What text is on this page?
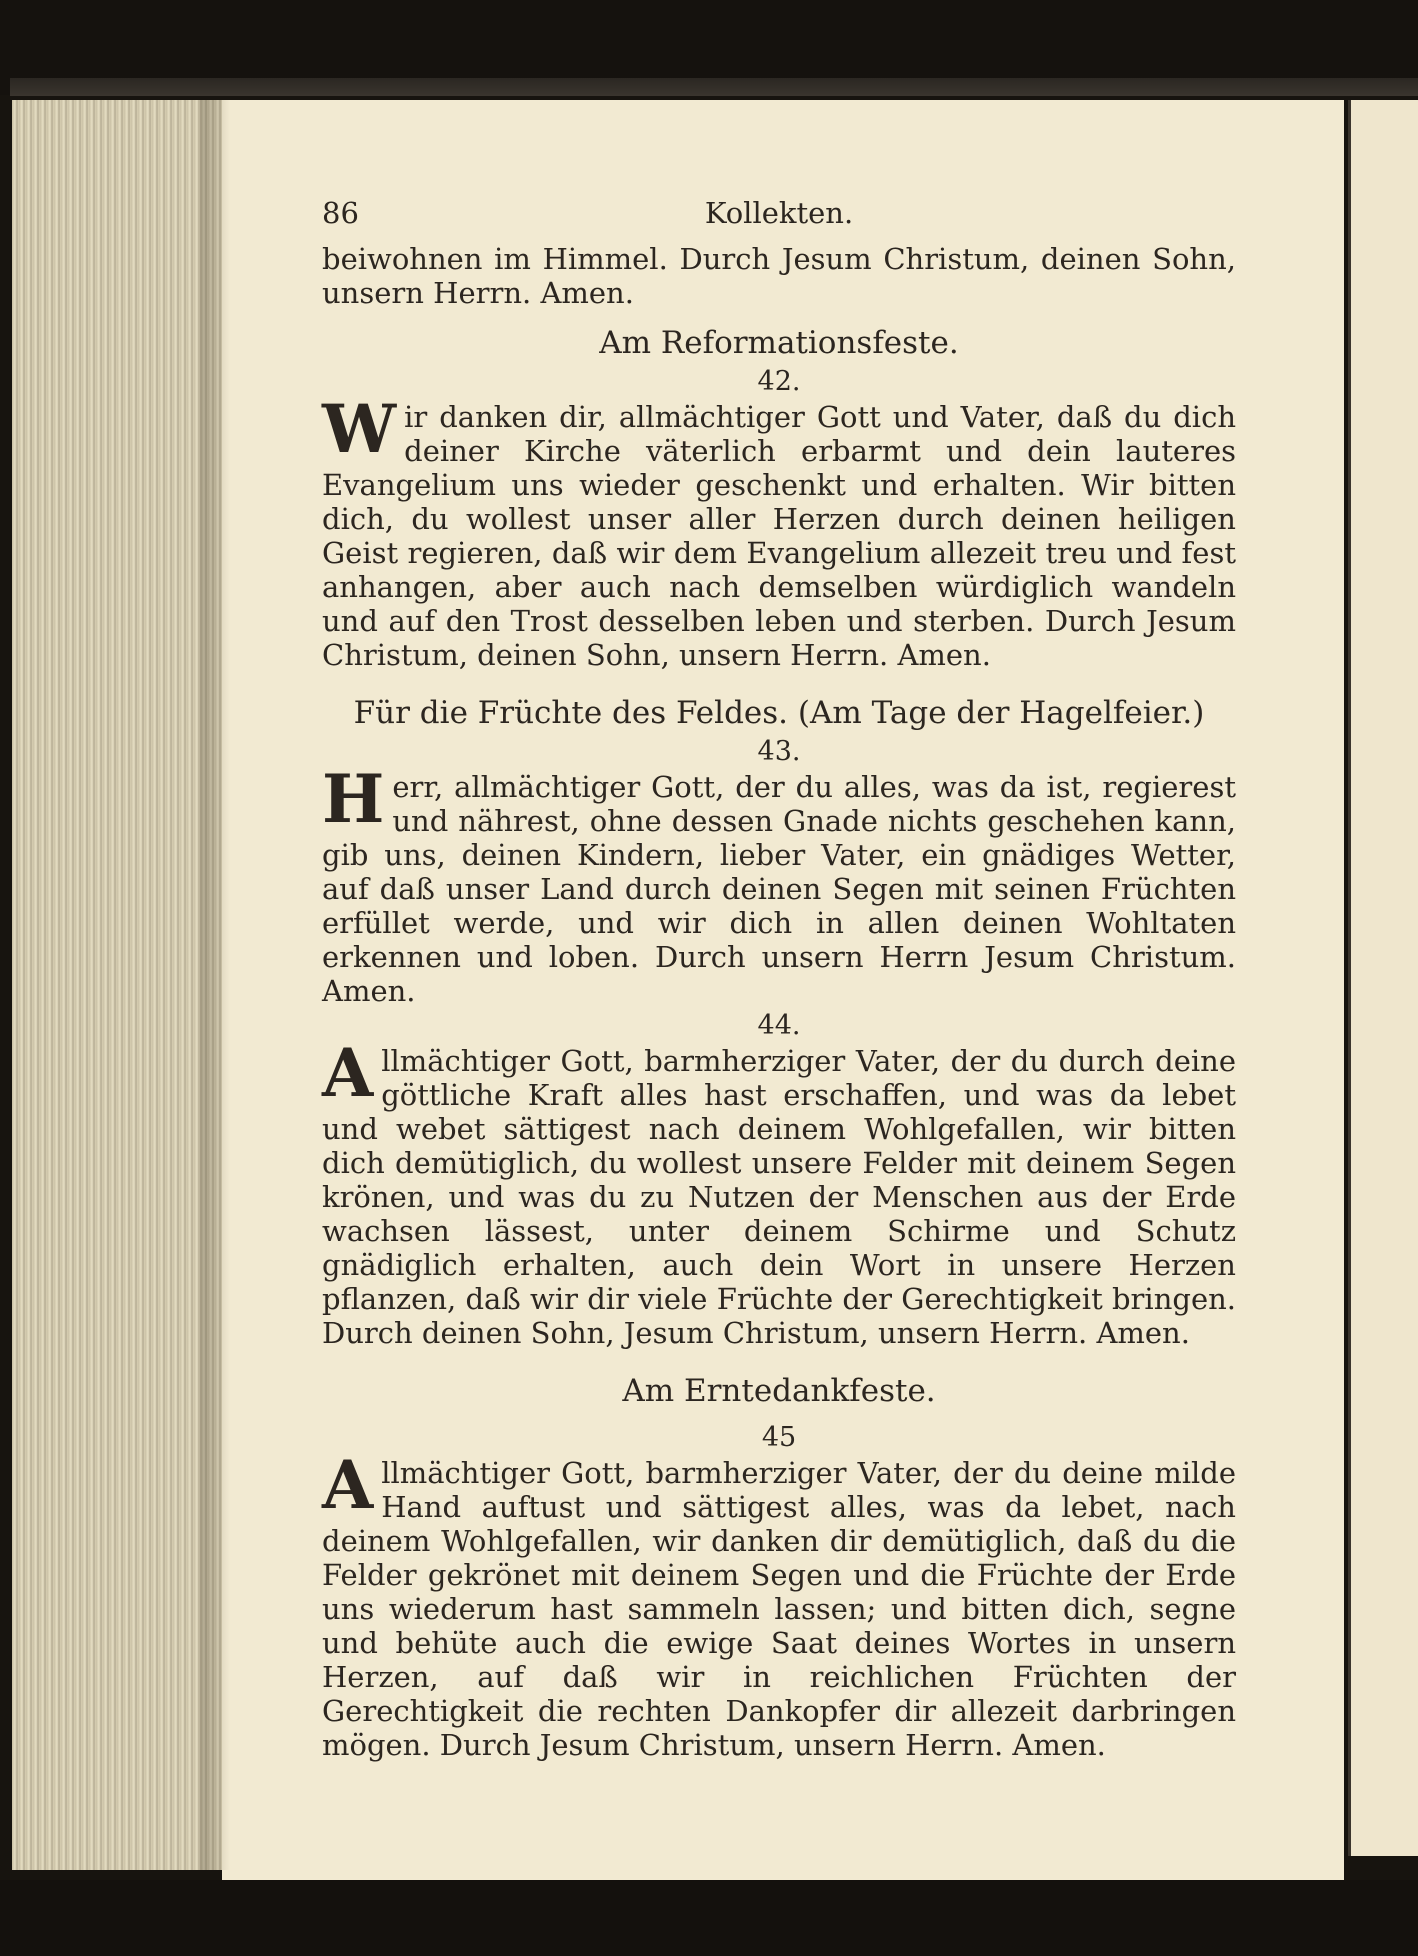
Kollekten.
86

beiwohnen im Himmel. Durch Jesum Christum, deinen Sohn, unsern Herrn. Amen.

Am Reformationsfeste.

42.

Wir danken dir, allmächtiger Gott und Vater, daß du dich deiner Kirche väterlich erbarmt und dein lauteres Evangelium uns wieder geschenkt und erhalten. Wir bitten dich, du wollest unser aller Herzen durch deinen heiligen Geist regieren, daß wir dem Evangelium allezeit treu und fest anhangen, aber auch nach demselben würdiglich wandeln und auf den Trost desselben leben und sterben. Durch Jesum Christum, deinen Sohn, unsern Herrn. Amen.

Für die Früchte des Feldes. (Am Tage der Hagelfeier.)

43.

Herr, allmächtiger Gott, der du alles, was da ist, regierest und nährest, ohne dessen Gnade nichts geschehen kann, gib uns, deinen Kindern, lieber Vater, ein gnädiges Wetter, auf daß unser Land durch deinen Segen mit seinen Früchten erfüllet werde, und wir dich in allen deinen Wohltaten erkennen und loben. Durch unsern Herrn Jesum Christum. Amen.

44.

Allmächtiger Gott, barmherziger Vater, der du durch deine göttliche Kraft alles hast erschaffen, und was da lebet und webet sättigest nach deinem Wohlgefallen, wir bitten dich demütiglich, du wollest unsere Felder mit deinem Segen krönen, und was du zu Nutzen der Menschen aus der Erde wachsen lässest, unter deinem Schirme und Schutz gnädiglich erhalten, auch dein Wort in unsere Herzen pflanzen, daß wir dir viele Früchte der Gerechtigkeit bringen. Durch deinen Sohn, Jesum Christum, unsern Herrn. Amen.

Am Erntedankfeste.

45

Allmächtiger Gott, barmherziger Vater, der du deine milde Hand auftust und sättigest alles, was da lebet, nach deinem Wohlgefallen, wir danken dir demütiglich, daß du die Felder gekrönet mit deinem Segen und die Früchte der Erde uns wiederum hast sammeln lassen; und bitten dich, segne und behüte auch die ewige Saat deines Wortes in unsern Herzen, auf daß wir in reichlichen Früchten der Gerechtigkeit die rechten Dankopfer dir allezeit darbringen mögen. Durch Jesum Christum, unsern Herrn. Amen.
